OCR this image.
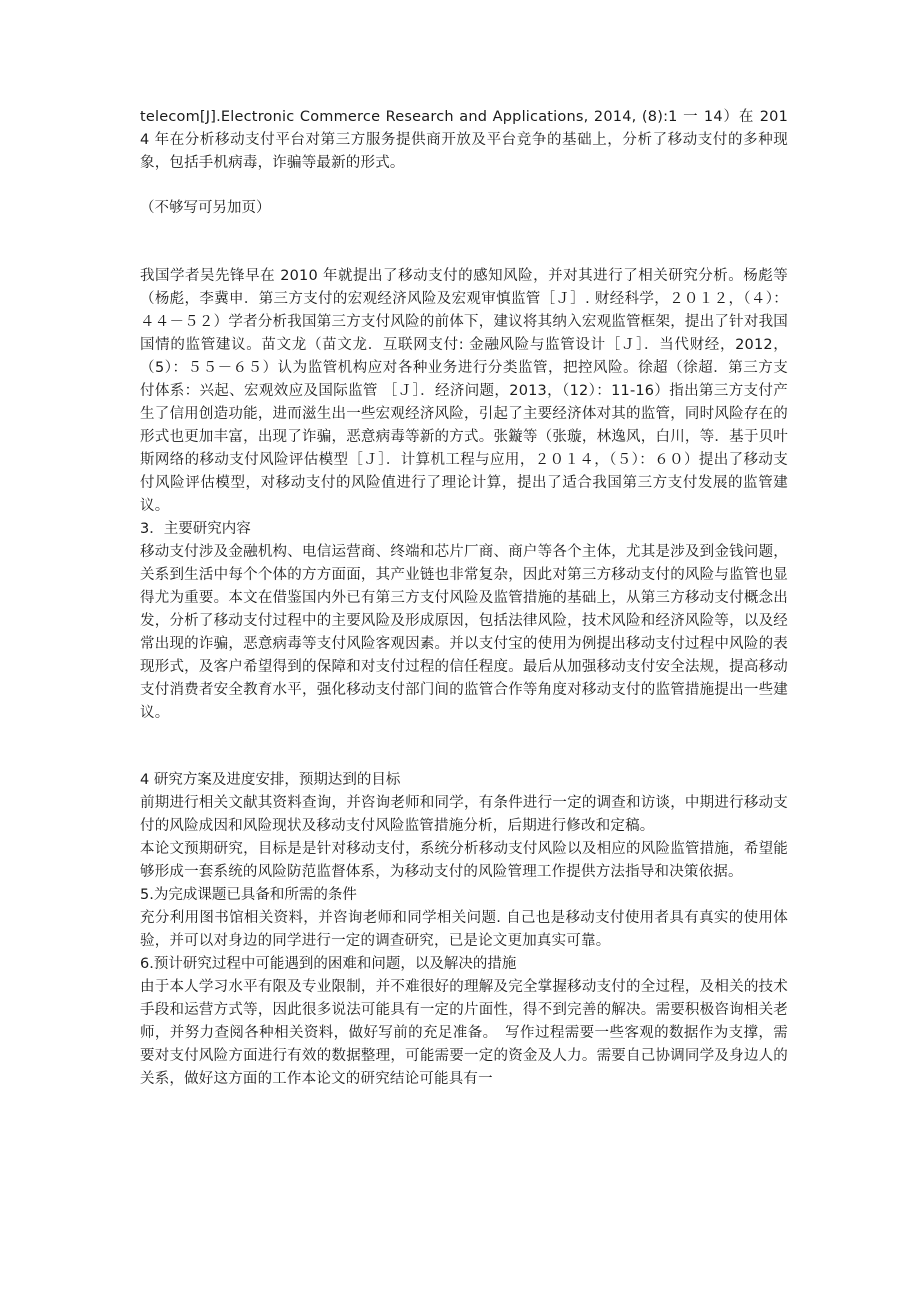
telecom[J].Electronic Commerce Research and Applications, 2014, (8):1 一 14）在 2014 年在分析移动支付平台对第三方服务提供商开放及平台竞争的基础上，分析了移动支付的多种现象，包括手机病毒，诈骗等最新的形式。

（不够写可另加页）

我国学者吴先锋早在 2010 年就提出了移动支付的感知风险，并对其进行了相关研究分析。杨彪等（杨彪，李冀申．第三方支付的宏观经济风险及宏观审慎监管［Ｊ］. 财经科学，２０１２，（４）：４４－５２）学者分析我国第三方支付风险的前体下，建议将其纳入宏观监管框架，提出了针对我国国情的监管建议。苗文龙（苗文龙．互联网支付: 金融风险与监管设计［Ｊ］．当代财经，2012，（5）：５５－６５）认为监管机构应对各种业务进行分类监管，把控风险。徐超（徐超．第三方支付体系：兴起、宏观效应及国际监管 ［Ｊ］．经济问题，2013，（12）：11-16）指出第三方支付产生了信用创造功能，进而滋生出一些宏观经济风险，引起了主要经济体对其的监管，同时风险存在的形式也更加丰富，出现了诈骗，恶意病毒等新的方式。张鏇等（张璇，林逸风，白川，等．基于贝叶斯网络的移动支付风险评估模型［Ｊ］．计算机工程与应用，２０１４，（５）：６０）提出了移动支付风险评估模型，对移动支付的风险值进行了理论计算，提出了适合我国第三方支付发展的监管建议。

3．主要研究内容

移动支付涉及金融机构、电信运营商、终端和芯片厂商、商户等各个主体，尤其是涉及到金钱问题，关系到生活中每个个体的方方面面，其产业链也非常复杂，因此对第三方移动支付的风险与监管也显得尤为重要。本文在借鉴国内外已有第三方支付风险及监管措施的基础上，从第三方移动支付概念出发，分析了移动支付过程中的主要风险及形成原因，包括法律风险，技术风险和经济风险等，以及经常出现的诈骗，恶意病毒等支付风险客观因素。并以支付宝的使用为例提出移动支付过程中风险的表现形式，及客户希望得到的保障和对支付过程的信任程度。最后从加强移动支付安全法规，提高移动支付消费者安全教育水平，强化移动支付部门间的监管合作等角度对移动支付的监管措施提出一些建议。

4 研究方案及进度安排，预期达到的目标

前期进行相关文献其资料查询，并咨询老师和同学，有条件进行一定的调查和访谈，中期进行移动支付的风险成因和风险现状及移动支付风险监管措施分析，后期进行修改和定稿。

本论文预期研究，目标是是针对移动支付，系统分析移动支付风险以及相应的风险监管措施，希望能够形成一套系统的风险防范监督体系，为移动支付的风险管理工作提供方法指导和决策依据。

5.为完成课题已具备和所需的条件

充分利用图书馆相关资料，并咨询老师和同学相关问题. 自己也是移动支付使用者具有真实的使用体验，并可以对身边的同学进行一定的调查研究，已是论文更加真实可靠。

6.预计研究过程中可能遇到的困难和问题，以及解决的措施

由于本人学习水平有限及专业限制，并不难很好的理解及完全掌握移动支付的全过程，及相关的技术手段和运营方式等，因此很多说法可能具有一定的片面性，得不到完善的解决。需要积极咨询相关老师，并努力查阅各种相关资料，做好写前的充足准备。　写作过程需要一些客观的数据作为支撑，需要对支付风险方面进行有效的数据整理，可能需要一定的资金及人力。需要自己协调同学及身边人的关系，做好这方面的工作本论文的研究结论可能具有一
